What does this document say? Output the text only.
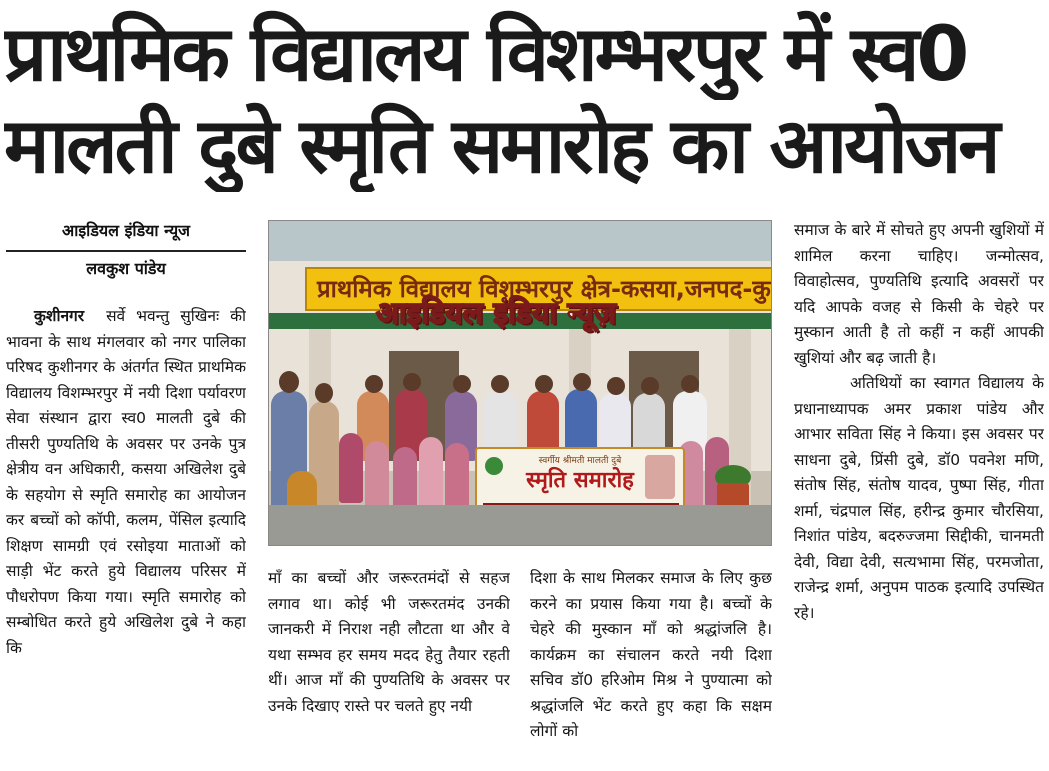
प्राथमिक विद्यालय विशम्भरपुर में स्व0
मालती दुबे स्मृति समारोह का आयोजन
आइडियल इंडिया न्यूज
लवकुश पांडेय

कुशीनगर सर्वे भवन्तु सुखिनः की भावना के साथ मंगलवार को नगर पालिका परिषद कुशीनगर के अंतर्गत स्थित प्राथमिक विद्यालय विशम्भरपुर में नयी दिशा पर्यावरण सेवा संस्थान द्वारा स्व0 मालती दुबे की तीसरी पुण्यतिथि के अवसर पर उनके पुत्र क्षेत्रीय वन अधिकारी, कसया अखिलेश दुबे के सहयोग से स्मृति समारोह का आयोजन कर बच्चों को कॉपी, कलम, पेंसिल इत्यादि शिक्षण सामग्री एवं रसोइया माताओं को साड़ी भेंट करते हुये विद्यालय परिसर में पौधरोपण किया गया। स्मृति समारोह को सम्बोधित करते हुये अखिलेश दुबे ने कहा कि

प्राथमिक विद्यालय विशम्भरपुर क्षेत्र-कसया,जनपद-कु
आइडियल इंडिया न्यूज़
स्वर्गीय श्रीमती मालती दुबे
स्मृति समारोह

माँ का बच्चों और जरूरतमंदों से सहज लगाव था। कोई भी जरूरतमंद उनकी जानकरी में निराश नही लौटता था और वे यथा सम्भव हर समय मदद हेतु तैयार रहती थीं। आज माँ की पुण्यतिथि के अवसर पर उनके दिखाए रास्ते पर चलते हुए नयी

दिशा के साथ मिलकर समाज के लिए कुछ करने का प्रयास किया गया है। बच्चों के चेहरे की मुस्कान माँ को श्रद्धांजलि है। कार्यक्रम का संचालन करते नयी दिशा सचिव डॉ0 हरिओम मिश्र ने पुण्यात्मा को श्रद्धांजलि भेंट करते हुए कहा कि सक्षम लोगों को

समाज के बारे में सोचते हुए अपनी खुशियों में शामिल करना चाहिए। जन्मोत्सव, विवाहोत्सव, पुण्यतिथि इत्यादि अवसरों पर यदि आपके वजह से किसी के चेहरे पर मुस्कान आती है तो कहीं न कहीं आपकी खुशियां और बढ़ जाती है।

अतिथियों का स्वागत विद्यालय के प्रधानाध्यापक अमर प्रकाश पांडेय और आभार सविता सिंह ने किया। इस अवसर पर साधना दुबे, प्रिंसी दुबे, डॉ0 पवनेश मणि, संतोष सिंह, संतोष यादव, पुष्पा सिंह, गीता शर्मा, चंद्रपाल सिंह, हरीन्द्र कुमार चौरसिया, निशांत पांडेय, बदरुज्जमा सिद्दीकी, चानमती देवी, विद्या देवी, सत्यभामा सिंह, परमजोता, राजेन्द्र शर्मा, अनुपम पाठक इत्यादि उपस्थित रहे।
